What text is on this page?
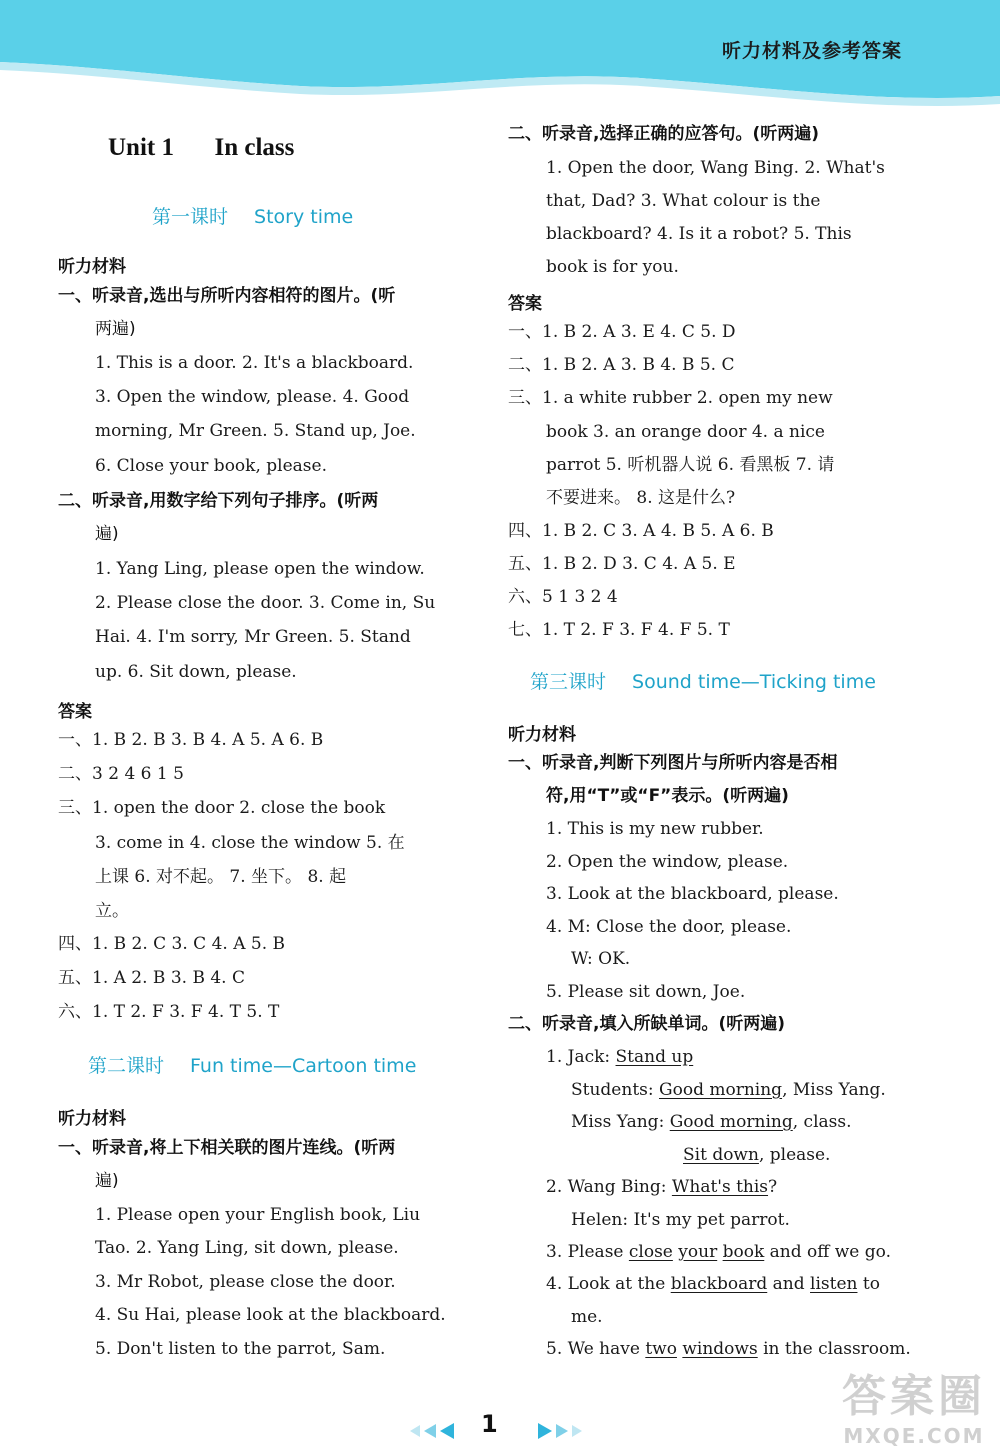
听力材料及参考答案
Unit 1 In class
第一课时 Story time
听力材料
一、听录音,选出与所听内容相符的图片。(听
两遍)
1. This is a door. 2. It's a blackboard.
3. Open the window, please. 4. Good
morning, Mr Green. 5. Stand up, Joe.
6. Close your book, please.
二、听录音,用数字给下列句子排序。(听两
遍)
1. Yang Ling, please open the window.
2. Please close the door. 3. Come in, Su
Hai. 4. I'm sorry, Mr Green. 5. Stand
up. 6. Sit down, please.
答案
一、1. B 2. B 3. B 4. A 5. A 6. B
二、3 2 4 6 1 5
三、1. open the door 2. close the book
3. come in 4. close the window 5. 在
上课 6. 对不起。 7. 坐下。 8. 起
立。
四、1. B 2. C 3. C 4. A 5. B
五、1. A 2. B 3. B 4. C
六、1. T 2. F 3. F 4. T 5. T
第二课时 Fun time—Cartoon time
听力材料
一、听录音,将上下相关联的图片连线。(听两
遍)
1. Please open your English book, Liu
Tao. 2. Yang Ling, sit down, please.
3. Mr Robot, please close the door.
4. Su Hai, please look at the blackboard.
5. Don't listen to the parrot, Sam.
二、听录音,选择正确的应答句。(听两遍)
1. Open the door, Wang Bing. 2. What's
that, Dad? 3. What colour is the
blackboard? 4. Is it a robot? 5. This
book is for you.
答案
一、1. B 2. A 3. E 4. C 5. D
二、1. B 2. A 3. B 4. B 5. C
三、1. a white rubber 2. open my new
book 3. an orange door 4. a nice
parrot 5. 听机器人说 6. 看黑板 7. 请
不要进来。 8. 这是什么?
四、1. B 2. C 3. A 4. B 5. A 6. B
五、1. B 2. D 3. C 4. A 5. E
六、5 1 3 2 4
七、1. T 2. F 3. F 4. F 5. T
第三课时 Sound time—Ticking time
听力材料
一、听录音,判断下列图片与所听内容是否相
符,用“T”或“F”表示。(听两遍)
1. This is my new rubber.
2. Open the window, please.
3. Look at the blackboard, please.
4. M: Close the door, please.
W: OK.
5. Please sit down, Joe.
二、听录音,填入所缺单词。(听两遍)
1. Jack: Stand up
Students: Good morning, Miss Yang.
Miss Yang: Good morning, class.
Sit down, please.
2. Wang Bing: What's this?
Helen: It's my pet parrot.
3. Please close your book and off we go.
4. Look at the blackboard and listen to
me.
5. We have two windows in the classroom.
1
答案圈
MXQE.COM
